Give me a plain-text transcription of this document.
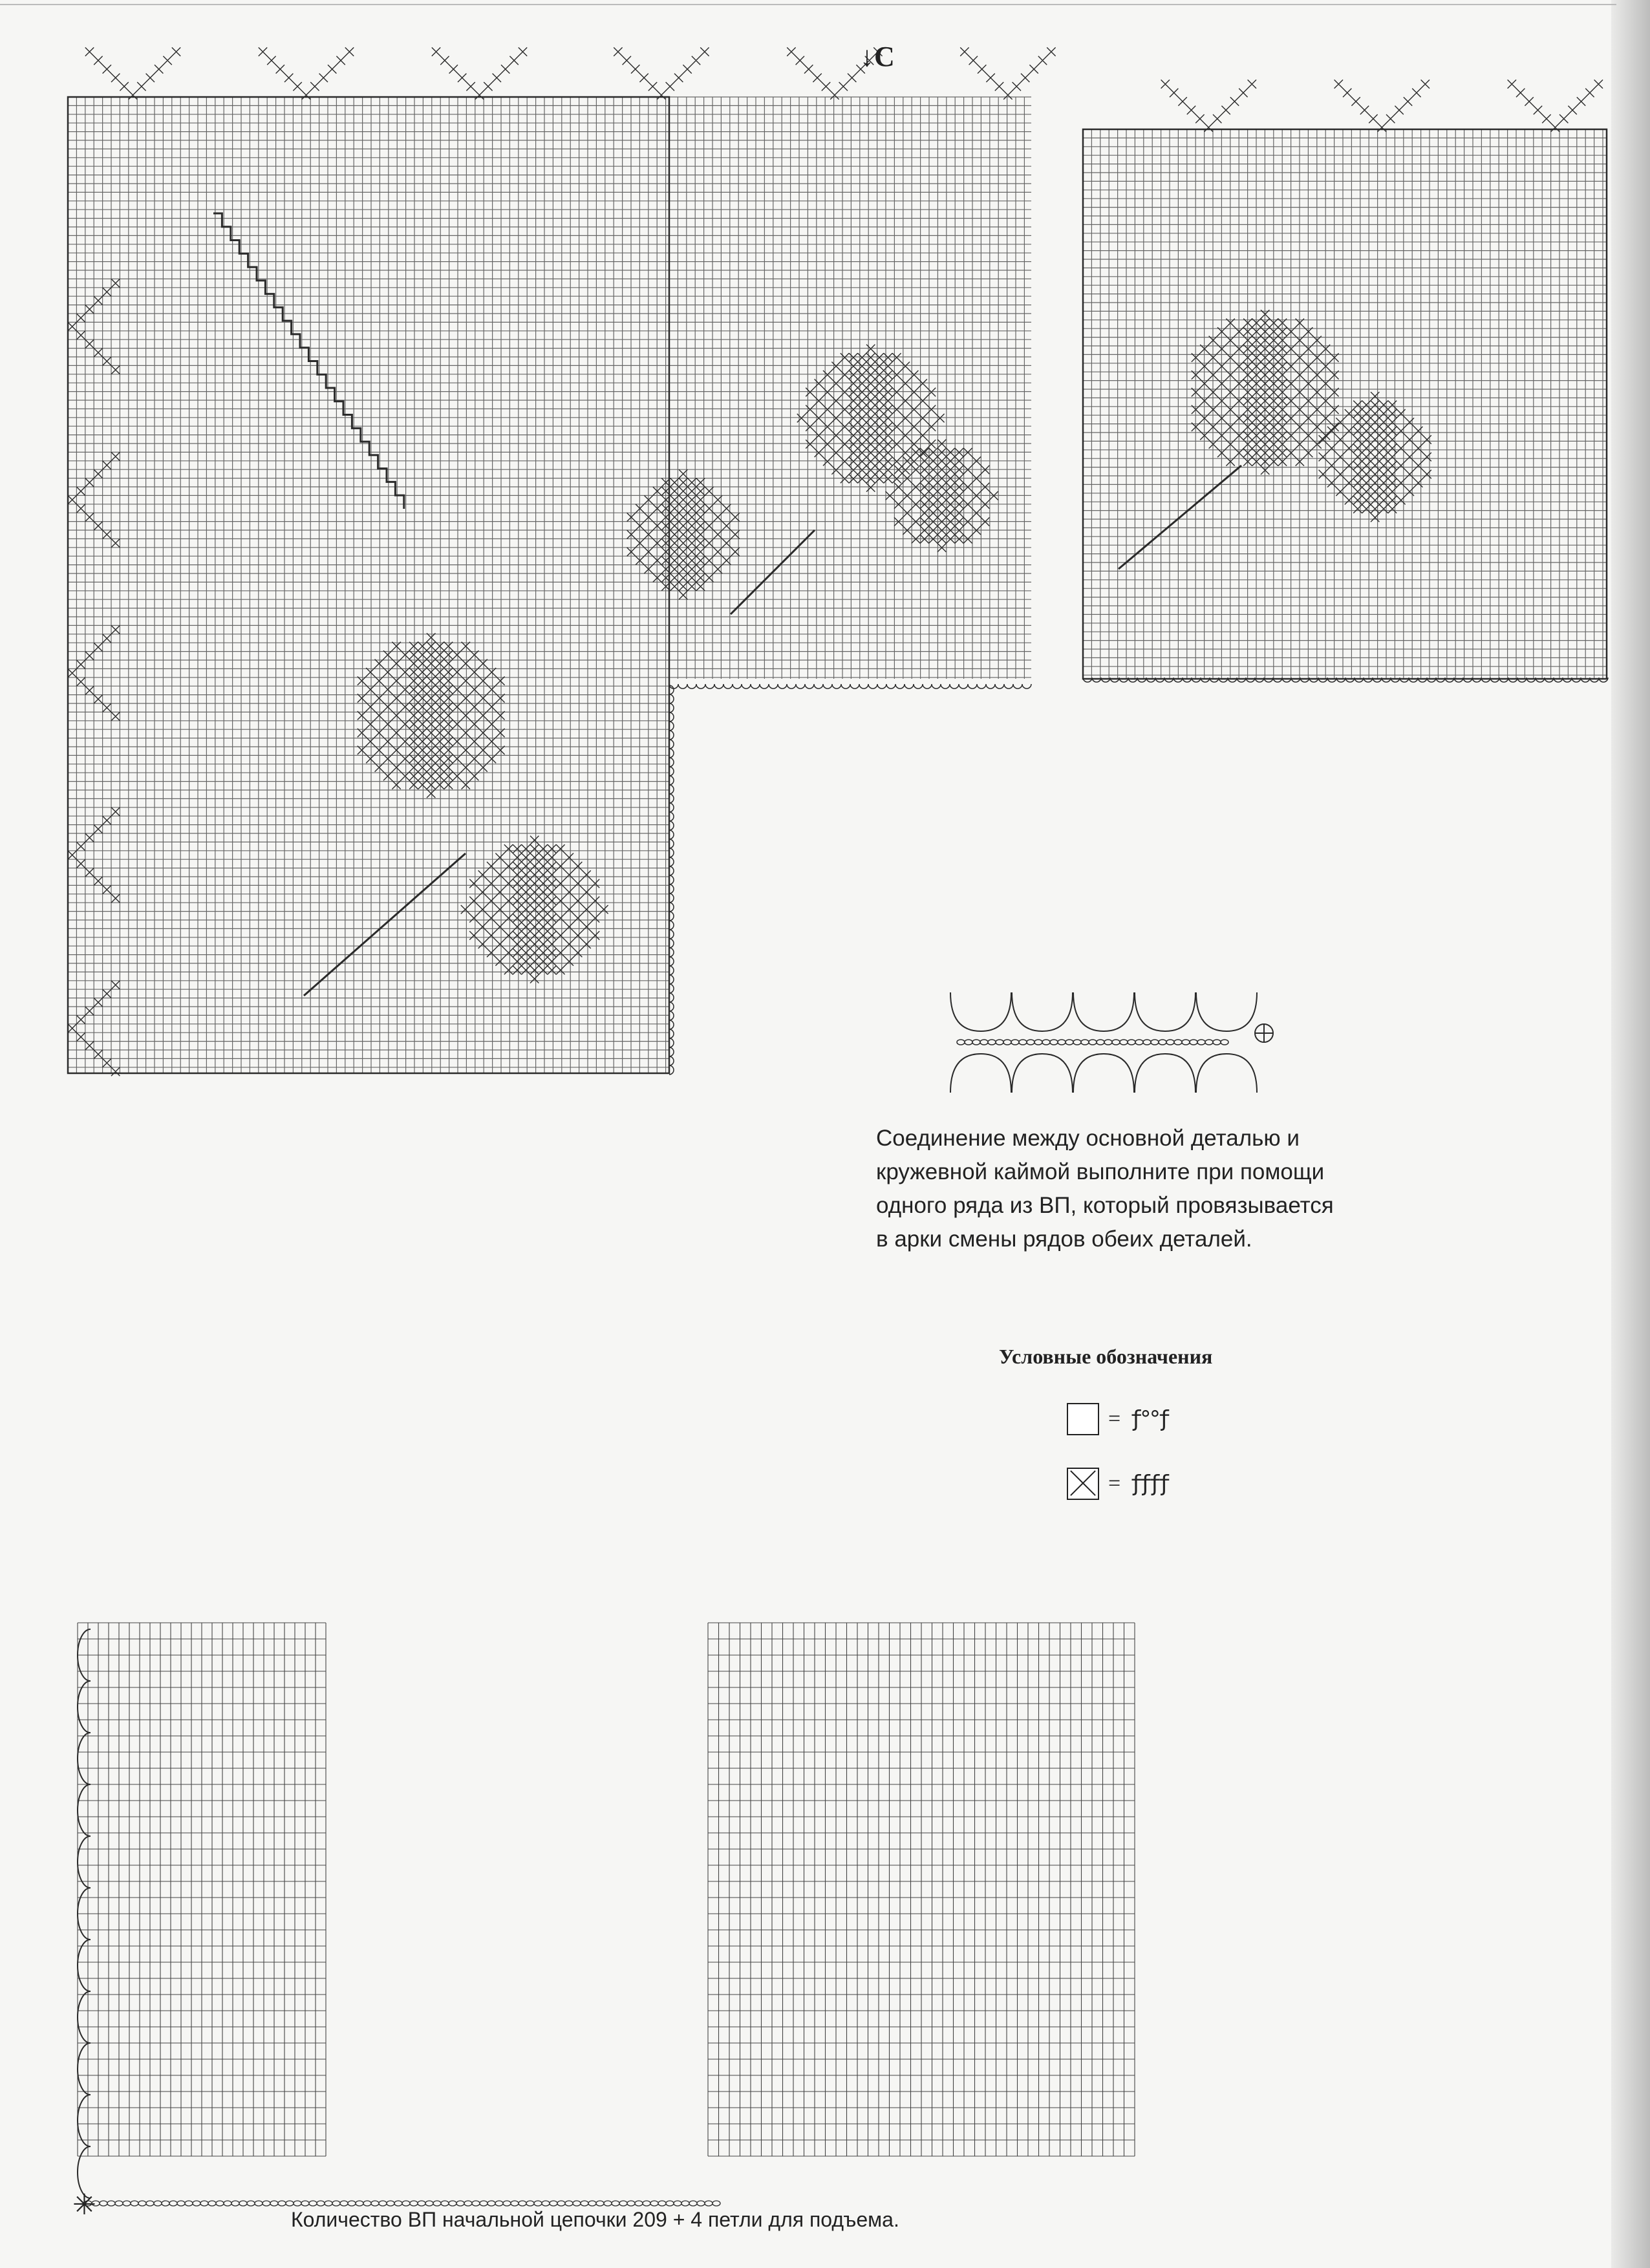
↓C
Соединение между основной деталью и
кружевной каймой выполните при помощи
одного ряда из ВП, который провязывается
в арки смены рядов обеих деталей.
Условные обозначения
= ƒ°°ƒ
= ƒƒƒƒ
✳	Количество ВП начальной цепочки 209 + 4 петли для подъема.
